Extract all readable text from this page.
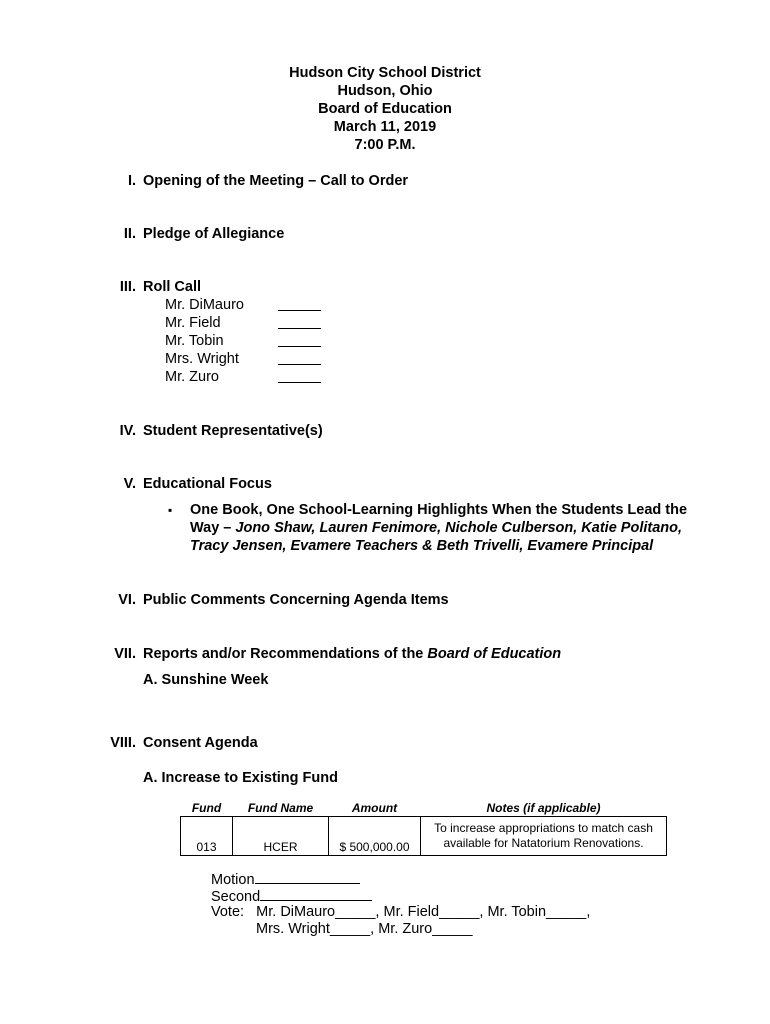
Hudson City School District
Hudson, Ohio
Board of Education
March 11, 2019
7:00 P.M.
I. Opening of the Meeting – Call to Order
II. Pledge of Allegiance
III. Roll Call
Mr. DiMauro
Mr. Field
Mr. Tobin
Mrs. Wright
Mr. Zuro
IV. Student Representative(s)
V. Educational Focus
▪ One Book, One School-Learning Highlights When the Students Lead the
Way – Jono Shaw, Lauren Fenimore, Nichole Culberson, Katie Politano,
Tracy Jensen, Evamere Teachers & Beth Trivelli, Evamere Principal
VI. Public Comments Concerning Agenda Items
VII. Reports and/or Recommendations of the Board of Education
A. Sunshine Week
VIII. Consent Agenda
A. Increase to Existing Fund
Fund	Fund Name	Amount	Notes (if applicable)
013	HCER	$ 500,000.00	To increase appropriations to match cash
available for Natatorium Renovations.
Motion
Second
Vote: Mr. DiMauro_____, Mr. Field_____, Mr. Tobin_____,
Mrs. Wright_____, Mr. Zuro_____
